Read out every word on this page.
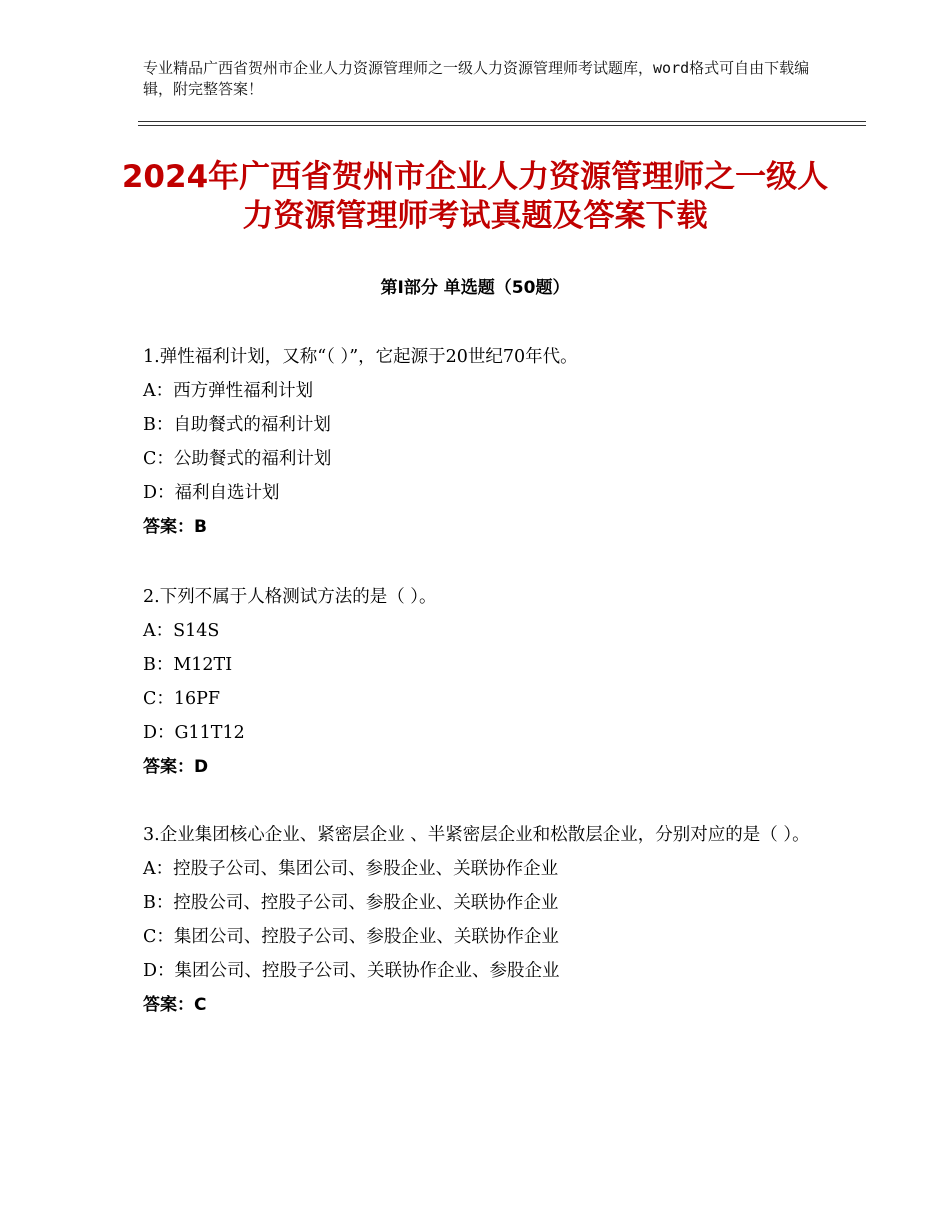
专业精品广西省贺州市企业人力资源管理师之一级人力资源管理师考试题库，word格式可自由下载编辑，附完整答案！
2024年广西省贺州市企业人力资源管理师之一级人力资源管理师考试真题及答案下载
第Ⅰ部分 单选题（50题）
1.弹性福利计划，又称“（ ）”，它起源于20世纪70年代。
A：西方弹性福利计划
B：自助餐式的福利计划
C：公助餐式的福利计划
D：福利自选计划
答案：B
2.下列不属于人格测试方法的是（ ）。
A：S14S
B：M12TI
C：16PF
D：G11T12
答案：D
3.企业集团核心企业、紧密层企业 、半紧密层企业和松散层企业，分别对应的是（ ）。
A：控股子公司、集团公司、参股企业、关联协作企业
B：控股公司、控股子公司、参股企业、关联协作企业
C：集团公司、控股子公司、参股企业、关联协作企业
D：集团公司、控股子公司、关联协作企业、参股企业
答案：C
